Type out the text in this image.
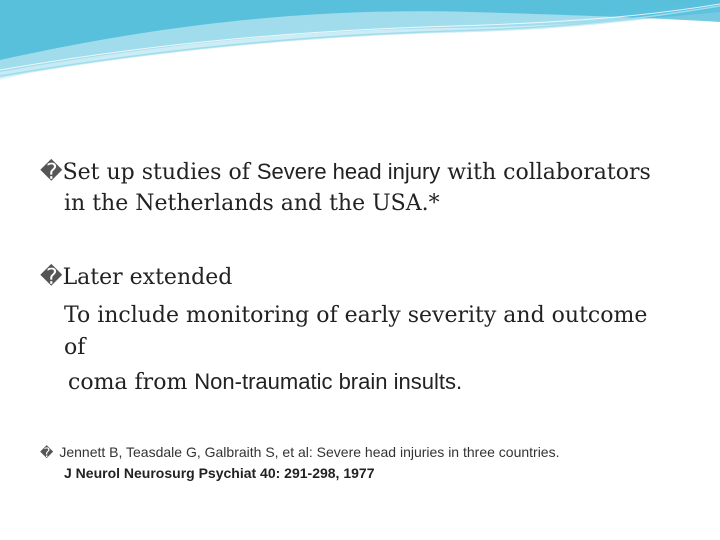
�Set up studies of Severe head injury with collaborators
in the Netherlands and the USA.*
�Later extended
To include monitoring of early severity and outcome
of
coma from Non-traumatic brain insults.
� Jennett B, Teasdale G, Galbraith S, et al: Severe head injuries in three countries.
J Neurol Neurosurg Psychiat 40: 291-298, 1977
